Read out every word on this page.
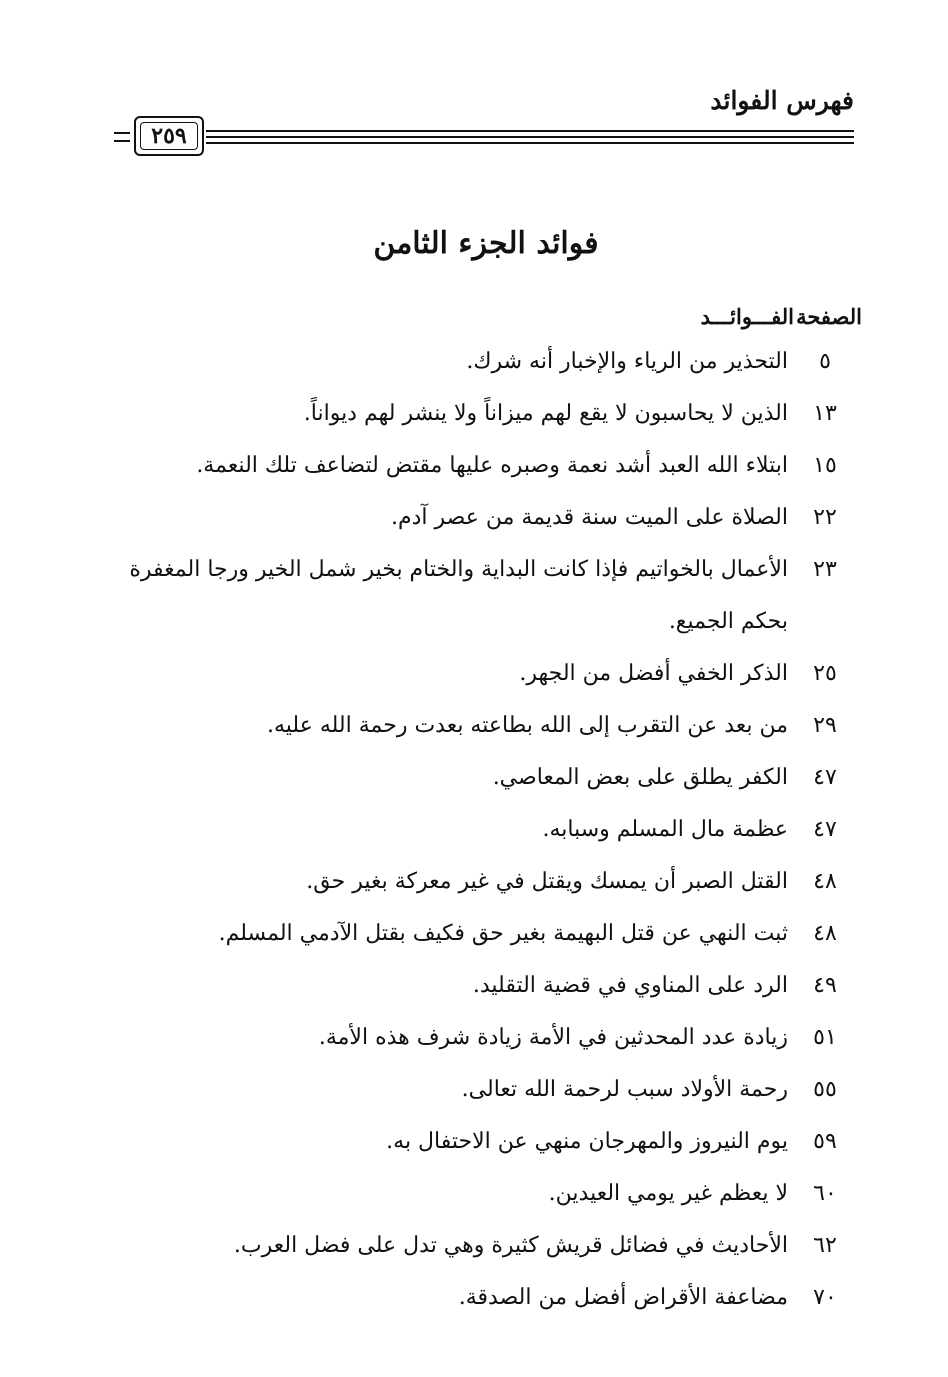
فهرس الفوائد
٢٥٩
فوائد الجزء الثامن
الصفحة
الفـــوائـــد
٥
التحذير من الرياء والإخبار أنه شرك.
١٣
الذين لا يحاسبون لا يقع لهم ميزاناً ولا ينشر لهم ديواناً.
١٥
ابتلاء الله العبد أشد نعمة وصبره عليها مقتض لتضاعف تلك النعمة.
٢٢
الصلاة على الميت سنة قديمة من عصر آدم.
٢٣
الأعمال بالخواتيم فإذا كانت البداية والختام بخير شمل الخير ورجا المغفرة بحكم الجميع.
٢٥
الذكر الخفي أفضل من الجهر.
٢٩
من بعد عن التقرب إلى الله بطاعته بعدت رحمة الله عليه.
٤٧
الكفر يطلق على بعض المعاصي.
٤٧
عظمة مال المسلم وسبابه.
٤٨
القتل الصبر أن يمسك ويقتل في غير معركة بغير حق.
٤٨
ثبت النهي عن قتل البهيمة بغير حق فكيف بقتل الآدمي المسلم.
٤٩
الرد على المناوي في قضية التقليد.
٥١
زيادة عدد المحدثين في الأمة زيادة شرف هذه الأمة.
٥٥
رحمة الأولاد سبب لرحمة الله تعالى.
٥٩
يوم النيروز والمهرجان منهي عن الاحتفال به.
٦٠
لا يعظم غير يومي العيدين.
٦٢
الأحاديث في فضائل قريش كثيرة وهي تدل على فضل العرب.
٧٠
مضاعفة الأقراض أفضل من الصدقة.
